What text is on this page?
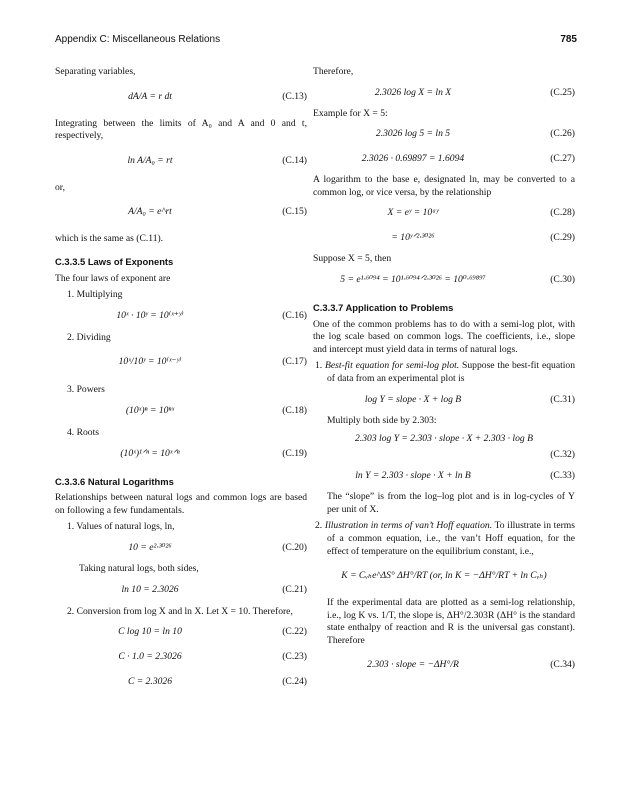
Appendix C: Miscellaneous Relations	785

Separating variables,

dA/A = r dt	(C.13)

Integrating between the limits of A₀ and A and 0 and t, respectively,

ln A/A₀ = rt	(C.14)

or,

A/A₀ = e^rt	(C.15)

which is the same as (C.11).

C.3.3.5 Laws of Exponents

The four laws of exponent are

1. Multiplying
10ˣ · 10ʸ = 10⁽ˣ⁺ʸ⁾	(C.16)
2. Dividing
10ˣ/10ʸ = 10⁽ˣ⁻ʸ⁾	(C.17)
3. Powers
(10ˣ)ⁿ = 10ⁿˣ	(C.18)
4. Roots
(10ˣ)¹ᐟⁿ = 10ˣᐟⁿ	(C.19)
C.3.3.6 Natural Logarithms

Relationships between natural logs and common logs are based on following a few fundamentals.

1. Values of natural logs, ln,
10 = e²·³⁰²⁶	(C.20)

Taking natural logs, both sides,

ln 10 = 2.3026	(C.21)
2. Conversion from log X and ln X. Let X = 10. Therefore,
C log 10 = ln 10	(C.22)
C · 1.0 = 2.3026	(C.23)
C = 2.3026	(C.24)

Therefore,

2.3026 log X = ln X	(C.25)

Example for X = 5:

2.3026 log 5 = ln 5	(C.26)
2.3026 · 0.69897 = 1.6094	(C.27)

A logarithm to the base e, designated ln, may be converted to a common log, or vice versa, by the relationship

X = eʸ = 10ᵃʸ	(C.28)
= 10ʸᐟ²·³⁰²⁶	(C.29)

Suppose X = 5, then

5 = e¹·⁶⁰⁹⁴ = 10¹·⁶⁰⁹⁴ᐟ²·³⁰²⁶ = 10⁰·⁶⁹⁸⁹⁷	(C.30)
C.3.3.7 Application to Problems

One of the common problems has to do with a semi-log plot, with the log scale based on common logs. The coefficients, i.e., slope and intercept must yield data in terms of natural logs.

1. Best-fit equation for semi-log plot. Suppose the best-fit equation of data from an experimental plot is

log Y = slope · X + log B	(C.31)

Multiply both side by 2.303:

2.303 log Y = 2.303 · slope · X + 2.303 · log B
(C.32)
ln Y = 2.303 · slope · X + ln B	(C.33)

The “slope” is from the log–log plot and is in log-cycles of Y per unit of X.

2. Illustration in terms of van’t Hoff equation. To illustrate in terms of a common equation, i.e., the van’t Hoff equation, for the effect of temperature on the equilibrium constant, i.e.,

K = Cᵥₕe^ΔS° ΔH°/RT (or, ln K = −ΔH°/RT + ln Cᵥₕ)

If the experimental data are plotted as a semi-log relationship, i.e., log K vs. 1/T, the slope is, ΔH°/2.303R (ΔH° is the standard state enthalpy of reaction and R is the universal gas constant). Therefore

2.303 · slope = −ΔH°/R	(C.34)
